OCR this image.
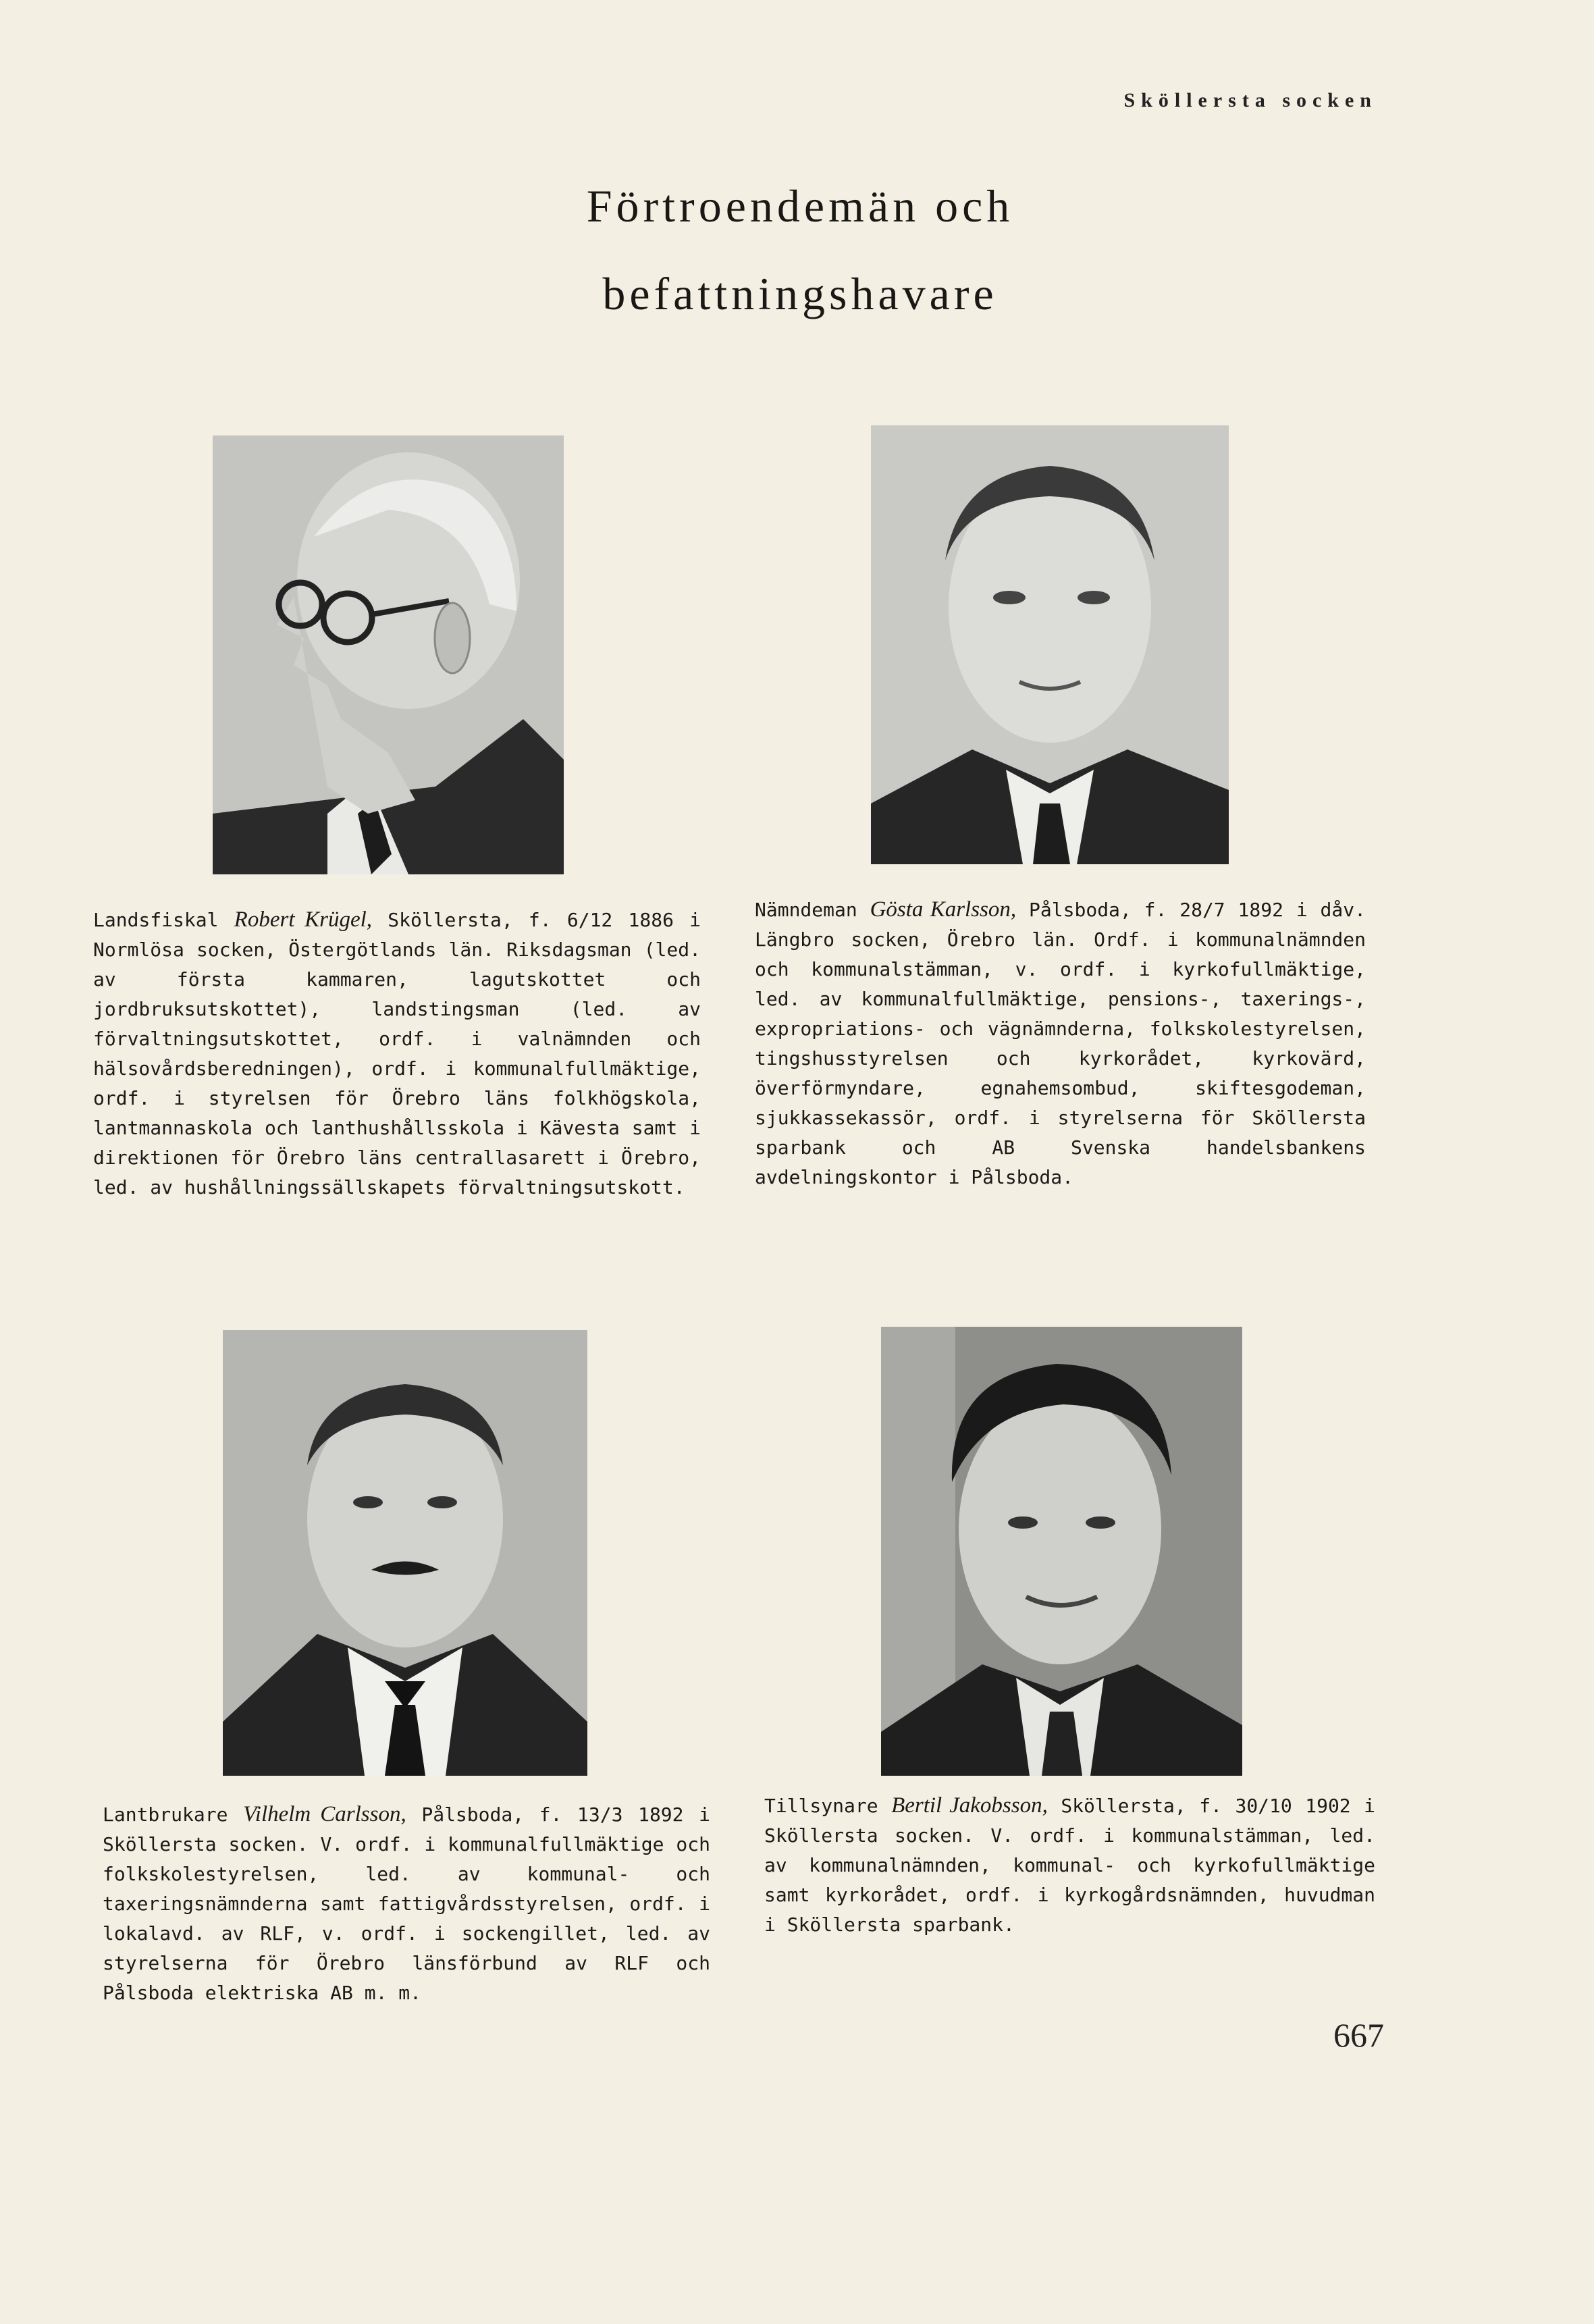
Sköllersta socken
Förtroendemän och
befattningshavare

Landsfiskal Robert Krügel, Sköllersta, f. 6/12 1886 i Normlösa socken, Östergötlands län. Riksdagsman (led. av första kammaren, lagutskottet och jordbruksutskottet), landstingsman (led. av förvaltningsutskottet, ordf. i valnämnden och hälsovårdsberedningen), ordf. i kommunalfullmäktige, ordf. i styrelsen för Örebro läns folkhögskola, lantmannaskola och lanthushållsskola i Kävesta samt i direktionen för Örebro läns centrallasarett i Örebro, led. av hushållningssällskapets förvaltningsutskott.

Nämndeman Gösta Karlsson, Pålsboda, f. 28/7 1892 i dåv. Längbro socken, Örebro län. Ordf. i kommunalnämnden och kommunalstämman, v. ordf. i kyrkofullmäktige, led. av kommunalfullmäktige, pensions-, taxerings-, expropriations- och vägnämnderna, folkskolestyrelsen, tingshusstyrelsen och kyrkorådet, kyrkovärd, överförmyndare, egnahemsombud, skiftesgodeman, sjukkassekassör, ordf. i styrelserna för Sköllersta sparbank och AB Svenska handelsbankens avdelningskontor i Pålsboda.

Lantbrukare Vilhelm Carlsson, Pålsboda, f. 13/3 1892 i Sköllersta socken. V. ordf. i kommunalfullmäktige och folkskolestyrelsen, led. av kommunal- och taxeringsnämnderna samt fattigvårdsstyrelsen, ordf. i lokalavd. av RLF, v. ordf. i sockengillet, led. av styrelserna för Örebro länsförbund av RLF och Pålsboda elektriska AB m. m.

Tillsynare Bertil Jakobsson, Sköllersta, f. 30/10 1902 i Sköllersta socken. V. ordf. i kommunalstämman, led. av kommunalnämnden, kommunal- och kyrkofullmäktige samt kyrkorådet, ordf. i kyrkogårdsnämnden, huvudman i Sköllersta sparbank.

667
